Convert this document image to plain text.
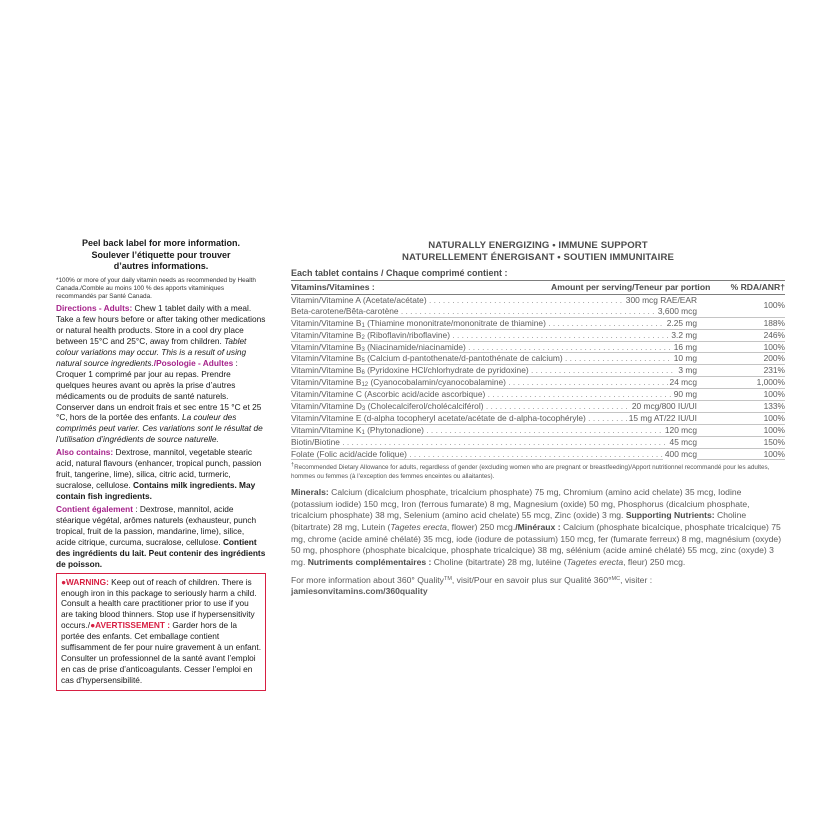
Peel back label for more information.
Soulever l’étiquette pour trouver
d’autres informations.
*100% or more of your daily vitamin needs as recommended by Health Canada./Comble au moins 100 % des apports vitaminiques recommandés par Santé Canada.

Directions - Adults: Chew 1 tablet daily with a meal. Take a few hours before or after taking other medications or natural health products. Store in a cool dry place between 15°C and 25°C, away from children. Tablet colour variations may occur. This is a result of using natural source ingredients./Posologie - Adultes : Croquer 1 comprimé par jour au repas. Prendre quelques heures avant ou après la prise d’autres médicaments ou de produits de santé naturels. Conserver dans un endroit frais et sec entre 15 °C et 25 °C, hors de la portée des enfants. La couleur des comprimés peut varier. Ces variations sont le résultat de l’utilisation d’ingrédients de source naturelle.

Also contains: Dextrose, mannitol, vegetable stearic acid, natural flavours (enhancer, tropical punch, passion fruit, tangerine, lime), silica, citric acid, turmeric, sucralose, cellulose. Contains milk ingredients. May contain fish ingredients.

Contient également : Dextrose, mannitol, acide stéarique végétal, arômes naturels (exhausteur, punch tropical, fruit de la passion, mandarine, lime), silice, acide citrique, curcuma, sucralose, cellulose. Contient des ingrédients du lait. Peut contenir des ingrédients de poisson.

●WARNING: Keep out of reach of children. There is enough iron in this package to seriously harm a child. Consult a health care practitioner prior to use if you are taking blood thinners. Stop use if hypersensitivity occurs./●AVERTISSEMENT : Garder hors de la portée des enfants. Cet emballage contient suffisamment de fer pour nuire gravement à un enfant. Consulter un professionnel de la santé avant l’emploi en cas de prise d’anticoagulants. Cesser l’emploi en cas d’hypersensibilité.
NATURALLY ENERGIZING • IMMUNE SUPPORT
NATURELLEMENT ÉNERGISANT • SOUTIEN IMMUNITAIRE
Each tablet contains / Chaque comprimé contient :
Vitamins/Vitamines :	Amount per serving/Teneur par portion % RDA/ANR†
Vitamin/Vitamine A (Acetate/acétate) . . .	300 mcg RAE/EAR
Beta-carotene/Bêta-carotène . . .	3,600 mcg
100%
Vitamin/Vitamine B1 (Thiamine mononitrate/mononitrate de thiamine) . . .	2.25 mg	188%
Vitamin/Vitamine B2 (Riboflavin/riboflavine) . . .	3.2 mg	246%
Vitamin/Vitamine B3 (Niacinamide/niacinamide) . . .	16 mg	100%
Vitamin/Vitamine B5 (Calcium d-pantothenate/d-pantothénate de calcium) . . .	10 mg	200%
Vitamin/Vitamine B6 (Pyridoxine HCl/chlorhydrate de pyridoxine) . . .	3 mg	231%
Vitamin/Vitamine B12 (Cyanocobalamin/cyanocobalamine) . . .	24 mcg	1,000%
Vitamin/Vitamine C (Ascorbic acid/acide ascorbique) . . .	90 mg	100%
Vitamin/Vitamine D3 (Cholecalciferol/cholécalciférol) . . .	20 mcg/800 IU/UI	133%
Vitamin/Vitamine E (d-alpha tocopheryl acetate/acétate de d-alpha-tocophéryle) . . .	15 mg AT/22 IU/UI	100%
Vitamin/Vitamine K1 (Phytonadione) . . .	120 mcg	100%
Biotin/Biotine . . .	45 mcg	150%
Folate (Folic acid/acide folique) . . .	400 mcg	100%
†Recommended Dietary Allowance for adults, regardless of gender (excluding women who are pregnant or breastfeeding)/Apport nutritionnel recommandé pour les adultes, hommes ou femmes (à l’exception des femmes enceintes ou allaitantes).
Minerals: Calcium (dicalcium phosphate, tricalcium phosphate) 75 mg, Chromium (amino acid chelate) 35 mcg, Iodine (potassium iodide) 150 mcg, Iron (ferrous fumarate) 8 mg, Magnesium (oxide) 50 mg, Phosphorus (dicalcium phosphate, tricalcium phosphate) 38 mg, Selenium (amino acid chelate) 55 mcg, Zinc (oxide) 3 mg. Supporting Nutrients: Choline (bitartrate) 28 mg, Lutein (Tagetes erecta, flower) 250 mcg./Minéraux : Calcium (phosphate bicalcique, phosphate tricalcique) 75 mg, chrome (acide aminé chélaté) 35 mcg, iode (iodure de potassium) 150 mcg, fer (fumarate ferreux) 8 mg, magnésium (oxyde) 50 mg, phosphore (phosphate bicalcique, phosphate tricalcique) 38 mg, sélénium (acide aminé chélaté) 55 mcg, zinc (oxyde) 3 mg. Nutriments complémentaires : Choline (bitartrate) 28 mg, lutéine (Tagetes erecta, fleur) 250 mcg.
For more information about 360° Quality™, visit/Pour en savoir plus sur Qualité 360°$^{MC}$, visiter : jamiesonvitamins.com/360quality
